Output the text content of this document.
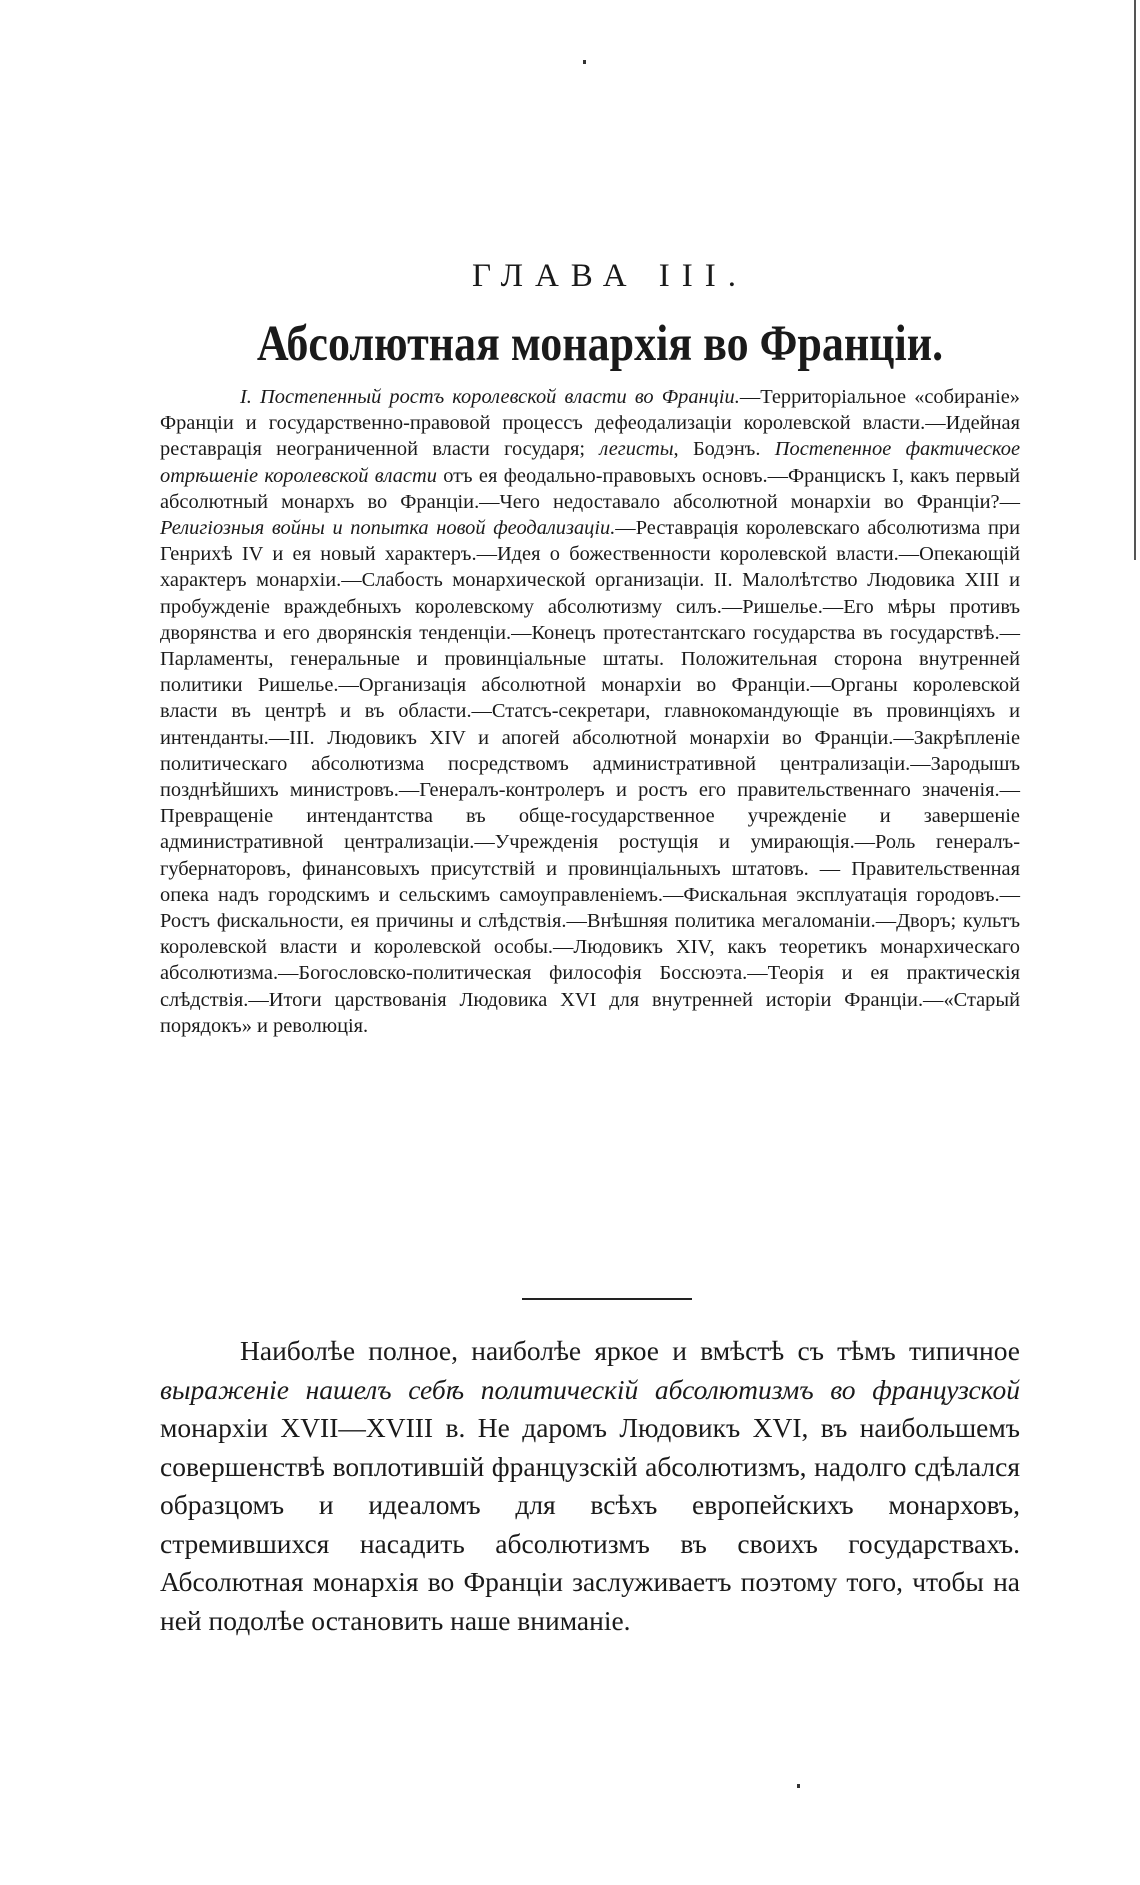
ГЛАВА III.
Абсолютная монархія во Франціи.
I. Постепенный ростъ королевской власти во Франціи.—Территоріальное «собираніе» Франціи и государственно-правовой процессъ дефеодализаціи королевской власти.—Идейная реставрація неограниченной власти государя; легисты, Бодэнъ. Постепенное фактическое отрѣшеніе королевской власти отъ ея феодально-правовыхъ основъ.—Францискъ I, какъ первый абсолютный монархъ во Франціи.—Чего недоставало абсолютной монархіи во Франціи?— Религіозныя войны и попытка новой феодализаціи.—Реставрація королевскаго абсолютизма при Генрихѣ IV и ея новый характеръ.—Идея о божественности королевской власти.—Опекающій характеръ монархіи.—Слабость монархической организаціи. II. Малолѣтство Людовика XIII и пробужденіе враждебныхъ королевскому абсолютизму силъ.—Ришелье.—Его мѣры противъ дворянства и его дворянскія тенденціи.—Конецъ протестантскаго государства въ государствѣ.—Парламенты, генеральные и провинціальные штаты. Положительная сторона внутренней политики Ришелье.—Организація абсолютной монархіи во Франціи.—Органы королевской власти въ центрѣ и въ области.—Статсъ-секретари, главнокомандующіе въ провинціяхъ и интенданты.—III. Людовикъ XIV и апогей абсолютной монархіи во Франціи.—Закрѣпленіе политическаго абсолютизма посредствомъ административной централизаціи.—Зародышъ позднѣйшихъ министровъ.—Генералъ-контролеръ и ростъ его правительственнаго значенія.—Превращеніе интендантства въ обще-государственное учрежденіе и завершеніе административной централизаціи.—Учрежденія ростущія и умирающія.—Роль генералъ-губернаторовъ, финансовыхъ присутствій и провинціальныхъ штатовъ. — Правительственная опека надъ городскимъ и сельскимъ самоуправленіемъ.—Фискальная эксплуатація городовъ.—Ростъ фискальности, ея причины и слѣдствія.—Внѣшняя политика мегаломаніи.—Дворъ; культъ королевской власти и королевской особы.—Людовикъ XIV, какъ теоретикъ монархическаго абсолютизма.—Богословско-политическая философія Боссюэта.—Теорія и ея практическія слѣдствія.—Итоги царствованія Людовика XVI для внутренней исторіи Франціи.—«Старый порядокъ» и революція.
Наиболѣе полное, наиболѣе яркое и вмѣстѣ съ тѣмъ типичное выраженіе нашелъ себѣ политическій абсолютизмъ во французской монархіи XVII—XVIII в. Не даромъ Людовикъ XVI, въ наибольшемъ совершенствѣ воплотившій французскій абсолютизмъ, надолго сдѣлался образцомъ и идеаломъ для всѣхъ европейскихъ монарховъ, стремившихся насадить абсолютизмъ въ своихъ государствахъ. Абсолютная монархія во Франціи заслуживаетъ поэтому того, чтобы на ней подолѣе остановить наше вниманіе.
